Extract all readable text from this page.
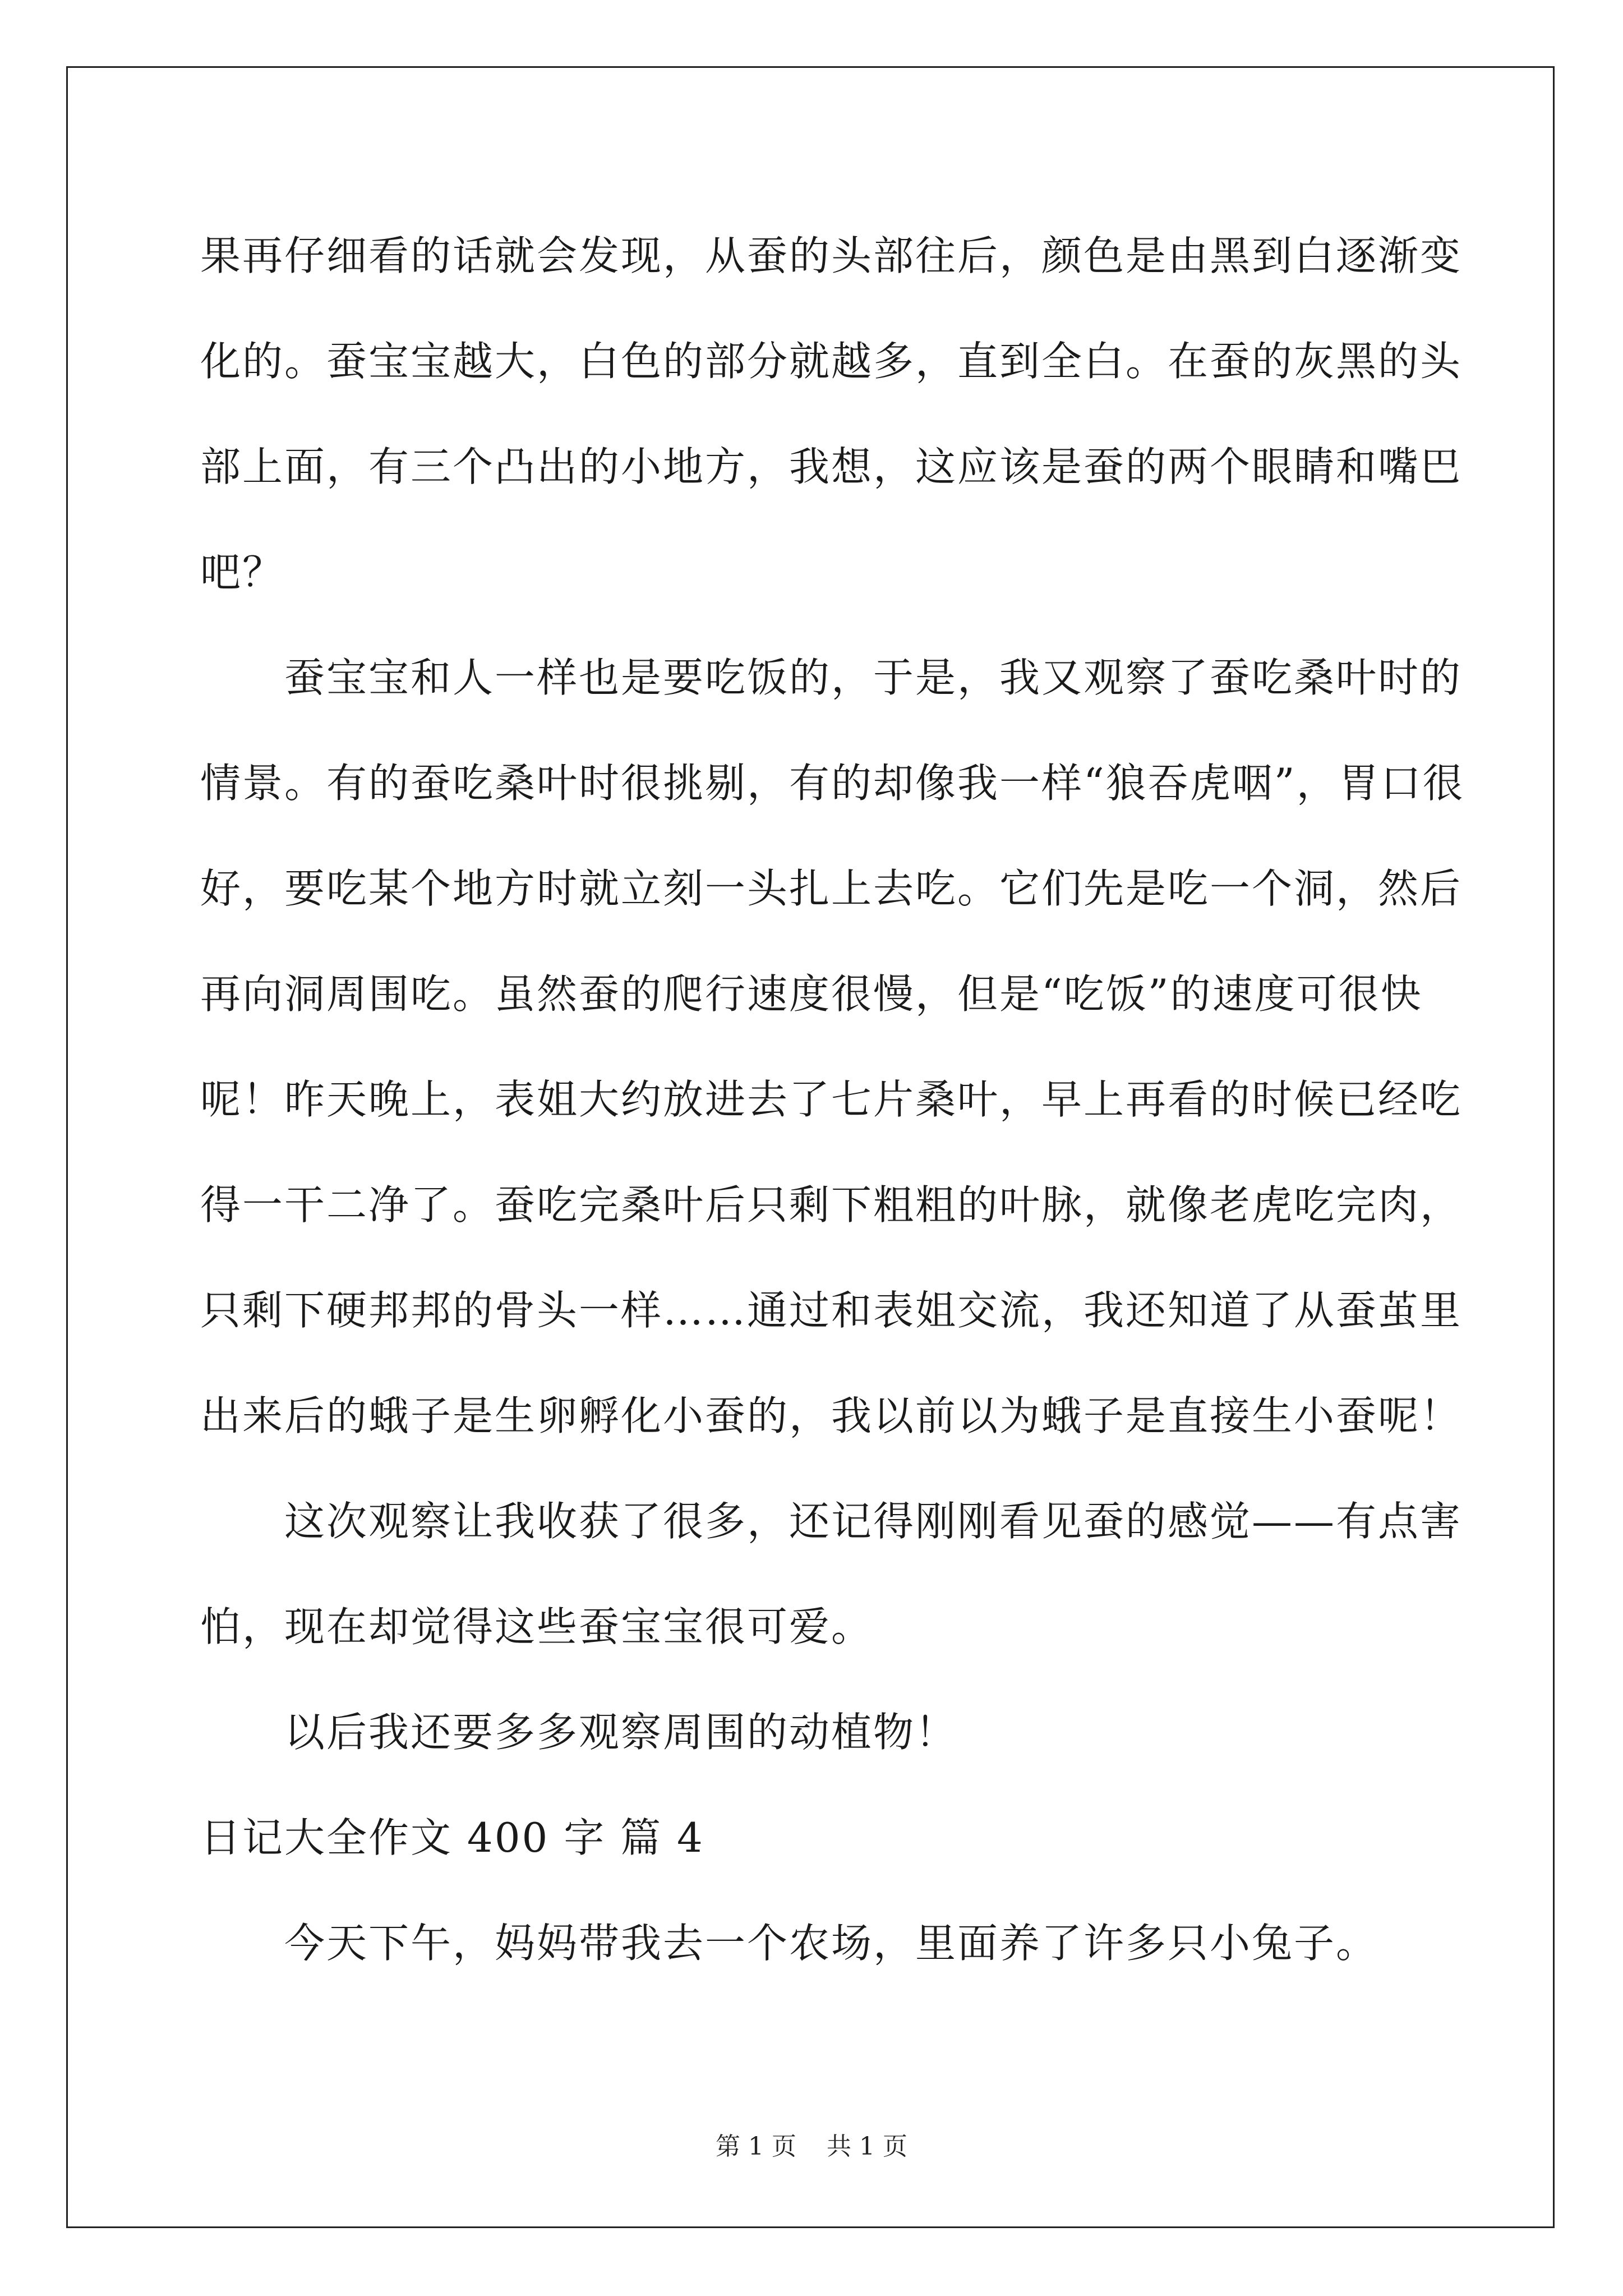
果再仔细看的话就会发现，从蚕的头部往后，颜色是由黑到白逐渐变
化的。蚕宝宝越大，白色的部分就越多，直到全白。在蚕的灰黑的头
部上面，有三个凸出的小地方，我想，这应该是蚕的两个眼睛和嘴巴
吧？
蚕宝宝和人一样也是要吃饭的，于是，我又观察了蚕吃桑叶时的
情景。有的蚕吃桑叶时很挑剔，有的却像我一样“狼吞虎咽”，胃口很
好，要吃某个地方时就立刻一头扎上去吃。它们先是吃一个洞，然后
再向洞周围吃。虽然蚕的爬行速度很慢，但是“吃饭”的速度可很快
呢！昨天晚上，表姐大约放进去了七片桑叶，早上再看的时候已经吃
得一干二净了。蚕吃完桑叶后只剩下粗粗的叶脉，就像老虎吃完肉，
只剩下硬邦邦的骨头一样……通过和表姐交流，我还知道了从蚕茧里
出来后的蛾子是生卵孵化小蚕的，我以前以为蛾子是直接生小蚕呢！
这次观察让我收获了很多，还记得刚刚看见蚕的感觉——有点害
怕，现在却觉得这些蚕宝宝很可爱。
以后我还要多多观察周围的动植物！
日记大全作文 400 字 篇 4
今天下午，妈妈带我去一个农场，里面养了许多只小兔子。
第 1 页 共 1 页
